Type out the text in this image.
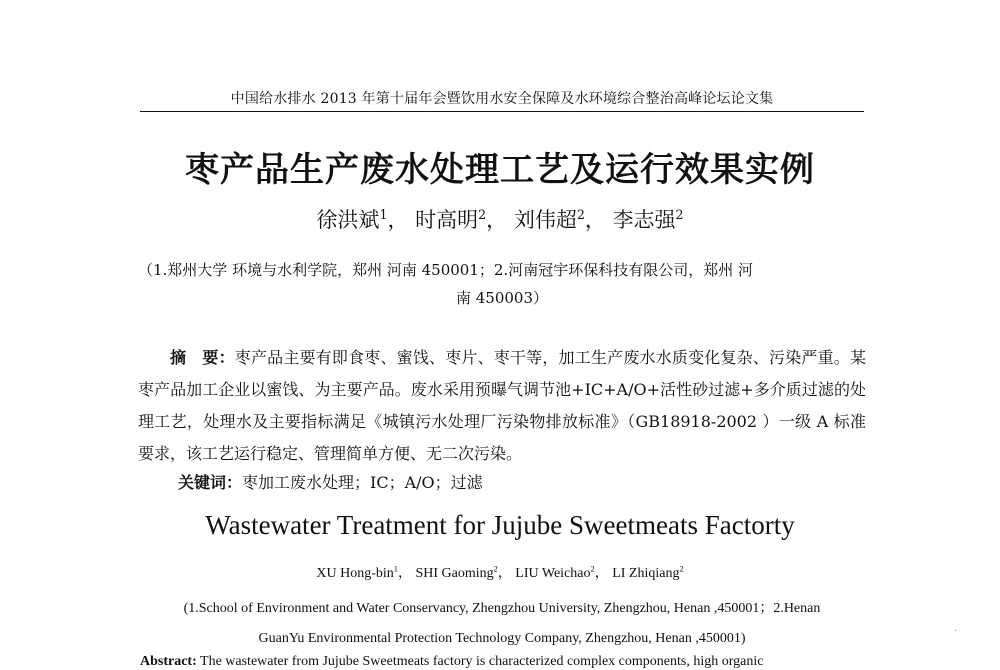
中国给水排水 2013 年第十届年会暨饮用水安全保障及水环境综合整治高峰论坛论文集
枣产品生产废水处理工艺及运行效果实例
徐洪斌$^1$， 时高明$^2$， 刘伟超$^2$， 李志强$^2$
（1.郑州大学 环境与水利学院，郑州 河南 450001；2.河南冠宇环保科技有限公司，郑州 河
南 450003）
摘　要：枣产品主要有即食枣、蜜饯、枣片、枣干等，加工生产废水水质变化复杂、污染严重。某枣产品加工企业以蜜饯、为主要产品。废水采用预曝气调节池+IC+A/O+活性砂过滤+多介质过滤的处理工艺，处理水及主要指标满足《城镇污水处理厂污染物排放标准》（GB18918-2002 ）一级 A 标准要求，该工艺运行稳定、管理简单方便、无二次污染。
关键词：枣加工废水处理；IC；A/O；过滤
Wastewater Treatment for Jujube Sweetmeats Factorty
XU Hong-bin$^1$， SHI Gaoming$^2$， LIU Weichao$^2$， LI Zhiqiang$^2$
(1.School of Environment and Water Conservancy, Zhengzhou University, Zhengzhou, Henan ,450001；2.Henan
GuanYu Environmental Protection Technology Company, Zhengzhou, Henan ,450001)
Abstract: The wastewater from Jujube Sweetmeats factory is characterized complex components, high organic
·
